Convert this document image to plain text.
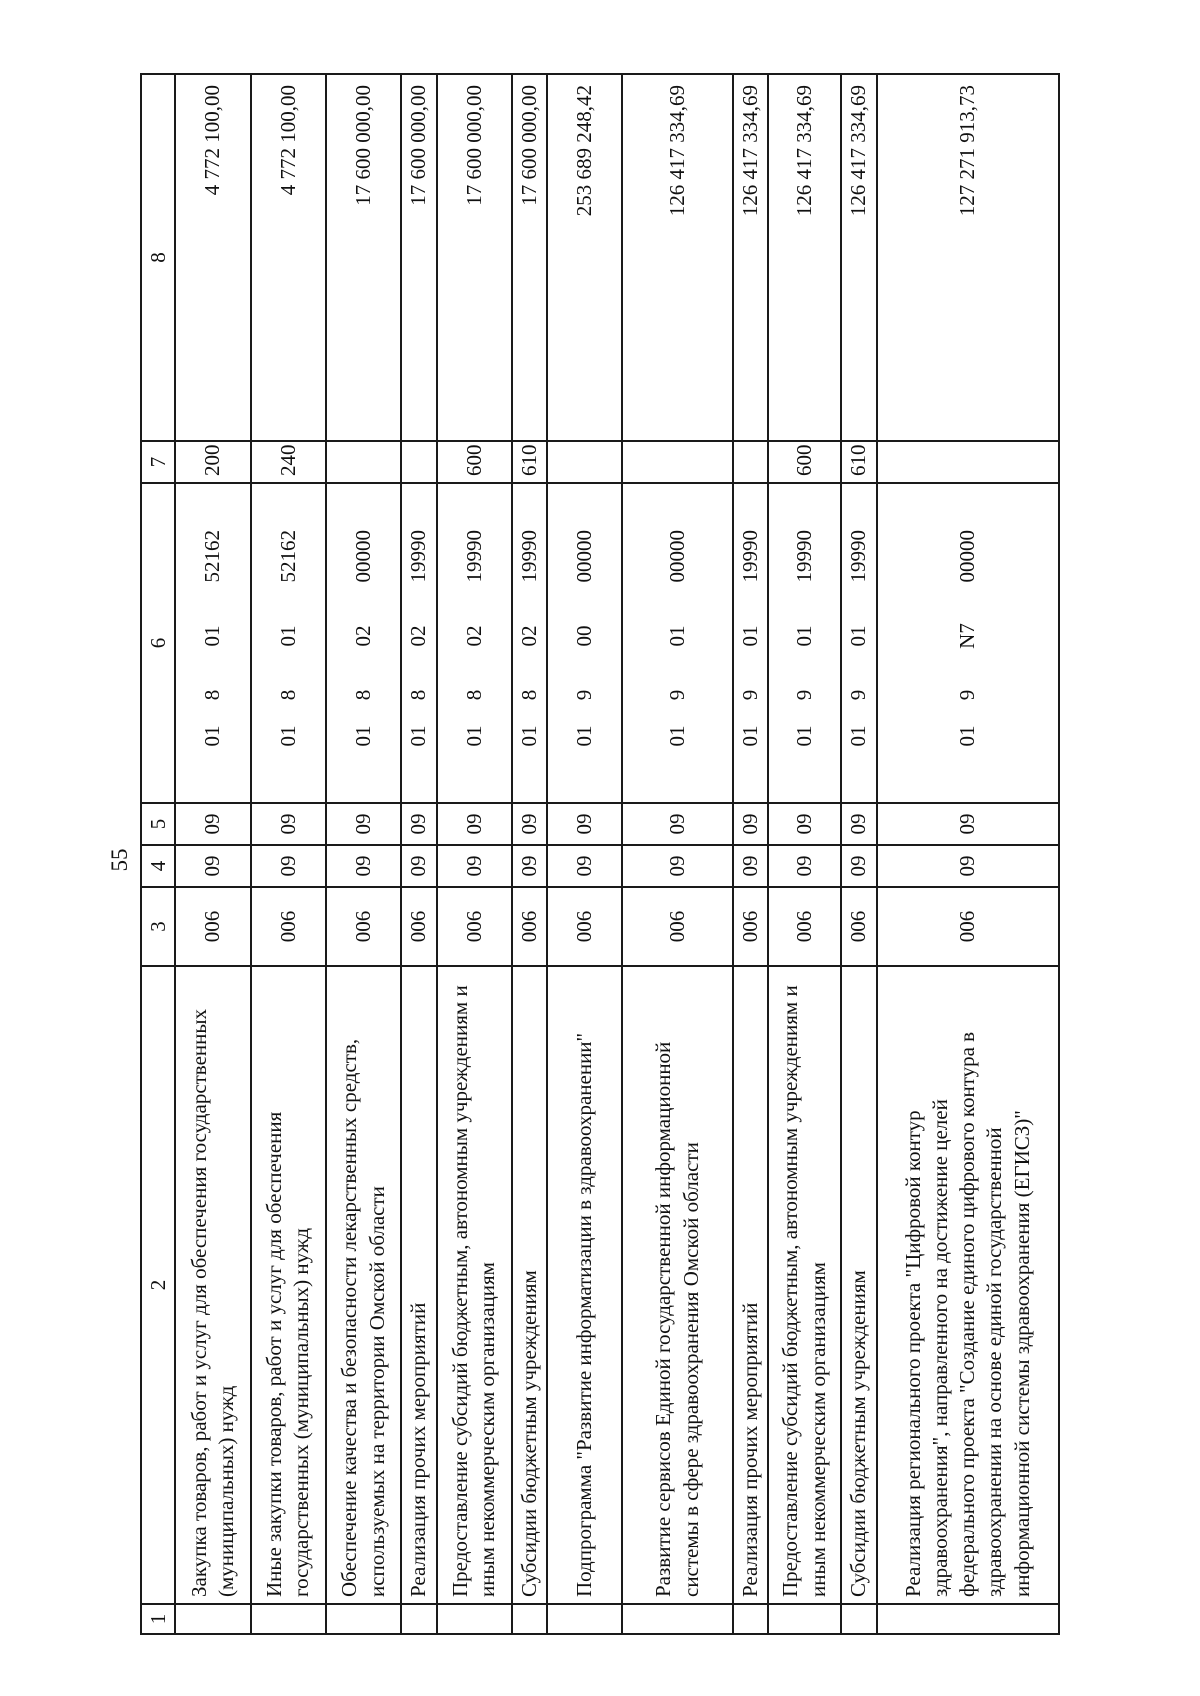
55
1	2	3	4	5	6	7	8
	Закупка товаров, работ и услуг для обеспечения государственных (муниципальных) нужд	006	09	09	0180152162	200	4 772 100,00
	Иные закупки товаров, работ и услуг для обеспечения государственных (муниципальных) нужд	006	09	09	0180152162	240	4 772 100,00
	Обеспечение качества и безопасности лекарственных средств, используемых на территории Омской области	006	09	09	0180200000		17 600 000,00
	Реализация прочих мероприятий	006	09	09	0180219990		17 600 000,00
	Предоставление субсидий бюджетным, автономным учреждениям и иным некоммерческим организациям	006	09	09	0180219990	600	17 600 000,00
	Субсидии бюджетным учреждениям	006	09	09	0180219990	610	17 600 000,00
	Подпрограмма "Развитие информатизации в здравоохранении"	006	09	09	0190000000		253 689 248,42
	Развитие сервисов Единой государственной информационной системы в сфере здравоохранения Омской области	006	09	09	0190100000		126 417 334,69
	Реализация прочих мероприятий	006	09	09	0190119990		126 417 334,69
	Предоставление субсидий бюджетным, автономным учреждениям и иным некоммерческим организациям	006	09	09	0190119990	600	126 417 334,69
	Субсидии бюджетным учреждениям	006	09	09	0190119990	610	126 417 334,69
	Реализация регионального проекта "Цифровой контур здравоохранения", направленного на достижение целей федерального проекта "Создание единого цифрового контура в здравоохранении на основе единой государственной информационной системы здравоохранения (ЕГИСЗ)"	006	09	09	019N700000		127 271 913,73
